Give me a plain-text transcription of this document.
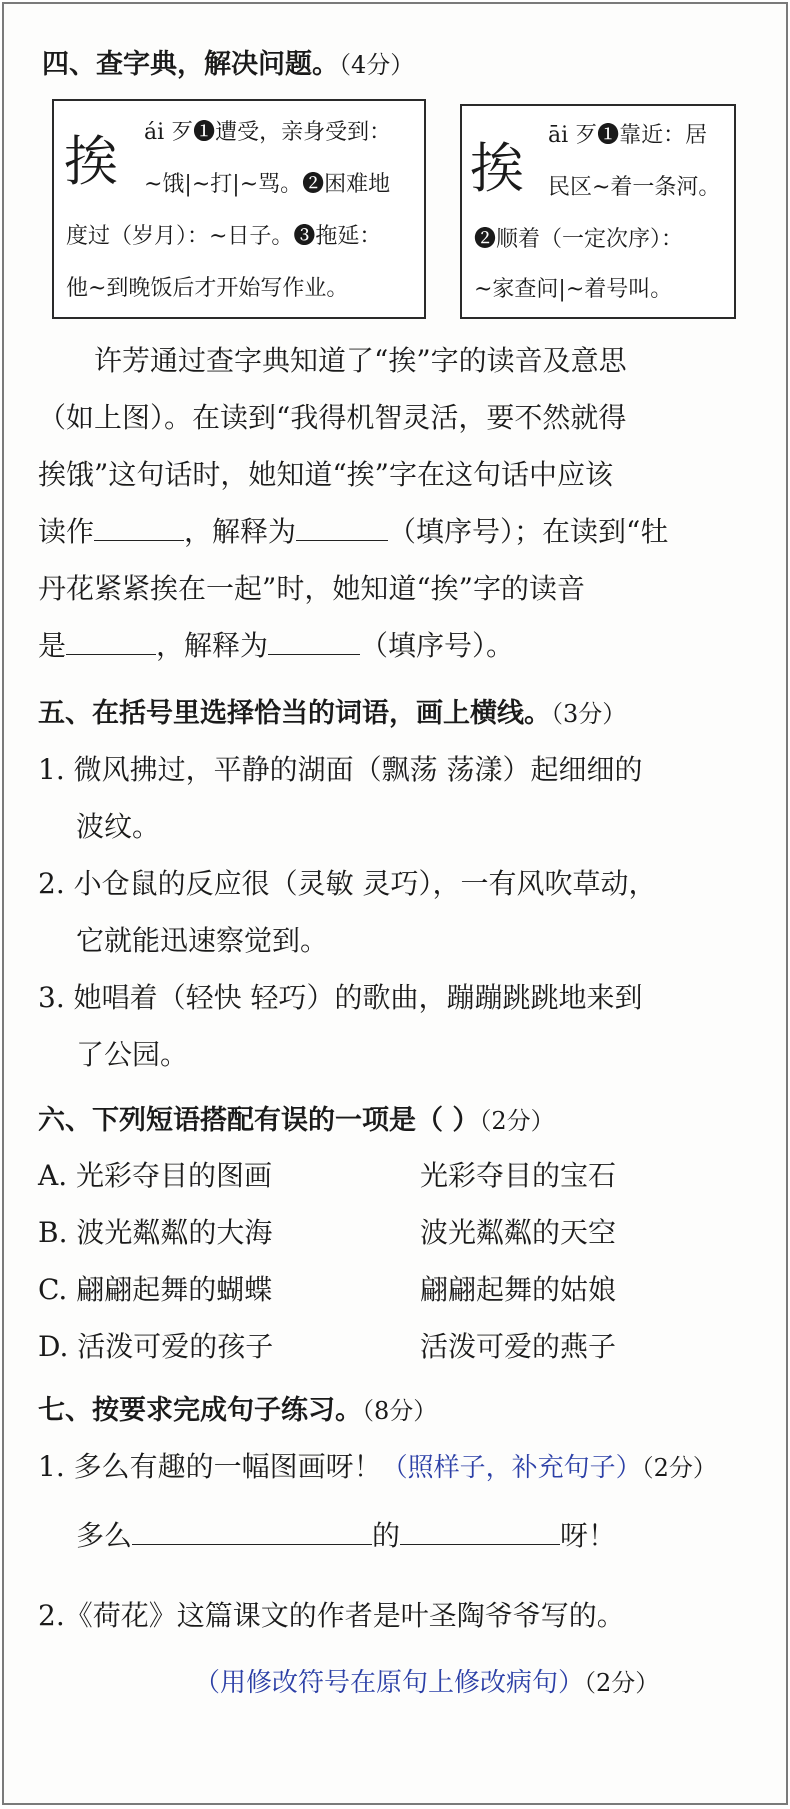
四、查字典，解决问题。（4分）
挨 ái 歹❶遭受，亲身受到：
~饿|~打|~骂。❷困难地
度过（岁月）：~日子。❸拖延：
他~到晚饭后才开始写作业。
挨
āi 歹❶靠近：居
民区~着一条河。
❷顺着（一定次序）：
~家查问|~着号叫。
许芳通过查字典知道了“挨”字的读音及意思
（如上图）。在读到“我得机智灵活，要不然就得
挨饿”这句话时，她知道“挨”字在这句话中应该
读作	，解释为	（填序号）；在读到“牡
丹花紧紧挨在一起”时，她知道“挨”字的读音
是	，解释为	（填序号）。
五、在括号里选择恰当的词语，画上横线。（3分）
1. 微风拂过，平静的湖面（飘荡 荡漾）起细细的
波纹。
2. 小仓鼠的反应很（灵敏 灵巧），一有风吹草动，
它就能迅速察觉到。
3. 她唱着（轻快 轻巧）的歌曲，蹦蹦跳跳地来到
了公园。
六、下列短语搭配有误的一项是（ ）（2分）
A. 光彩夺目的图画	光彩夺目的宝石
B. 波光粼粼的大海	波光粼粼的天空
C. 翩翩起舞的蝴蝶	翩翩起舞的姑娘
D. 活泼可爱的孩子	活泼可爱的燕子
七、按要求完成句子练习。（8分）
1. 多么有趣的一幅图画呀！（照样子，补充句子）（2分）
多么	的	呀！
2.《荷花》这篇课文的作者是叶圣陶爷爷写的。
（用修改符号在原句上修改病句）（2分）
